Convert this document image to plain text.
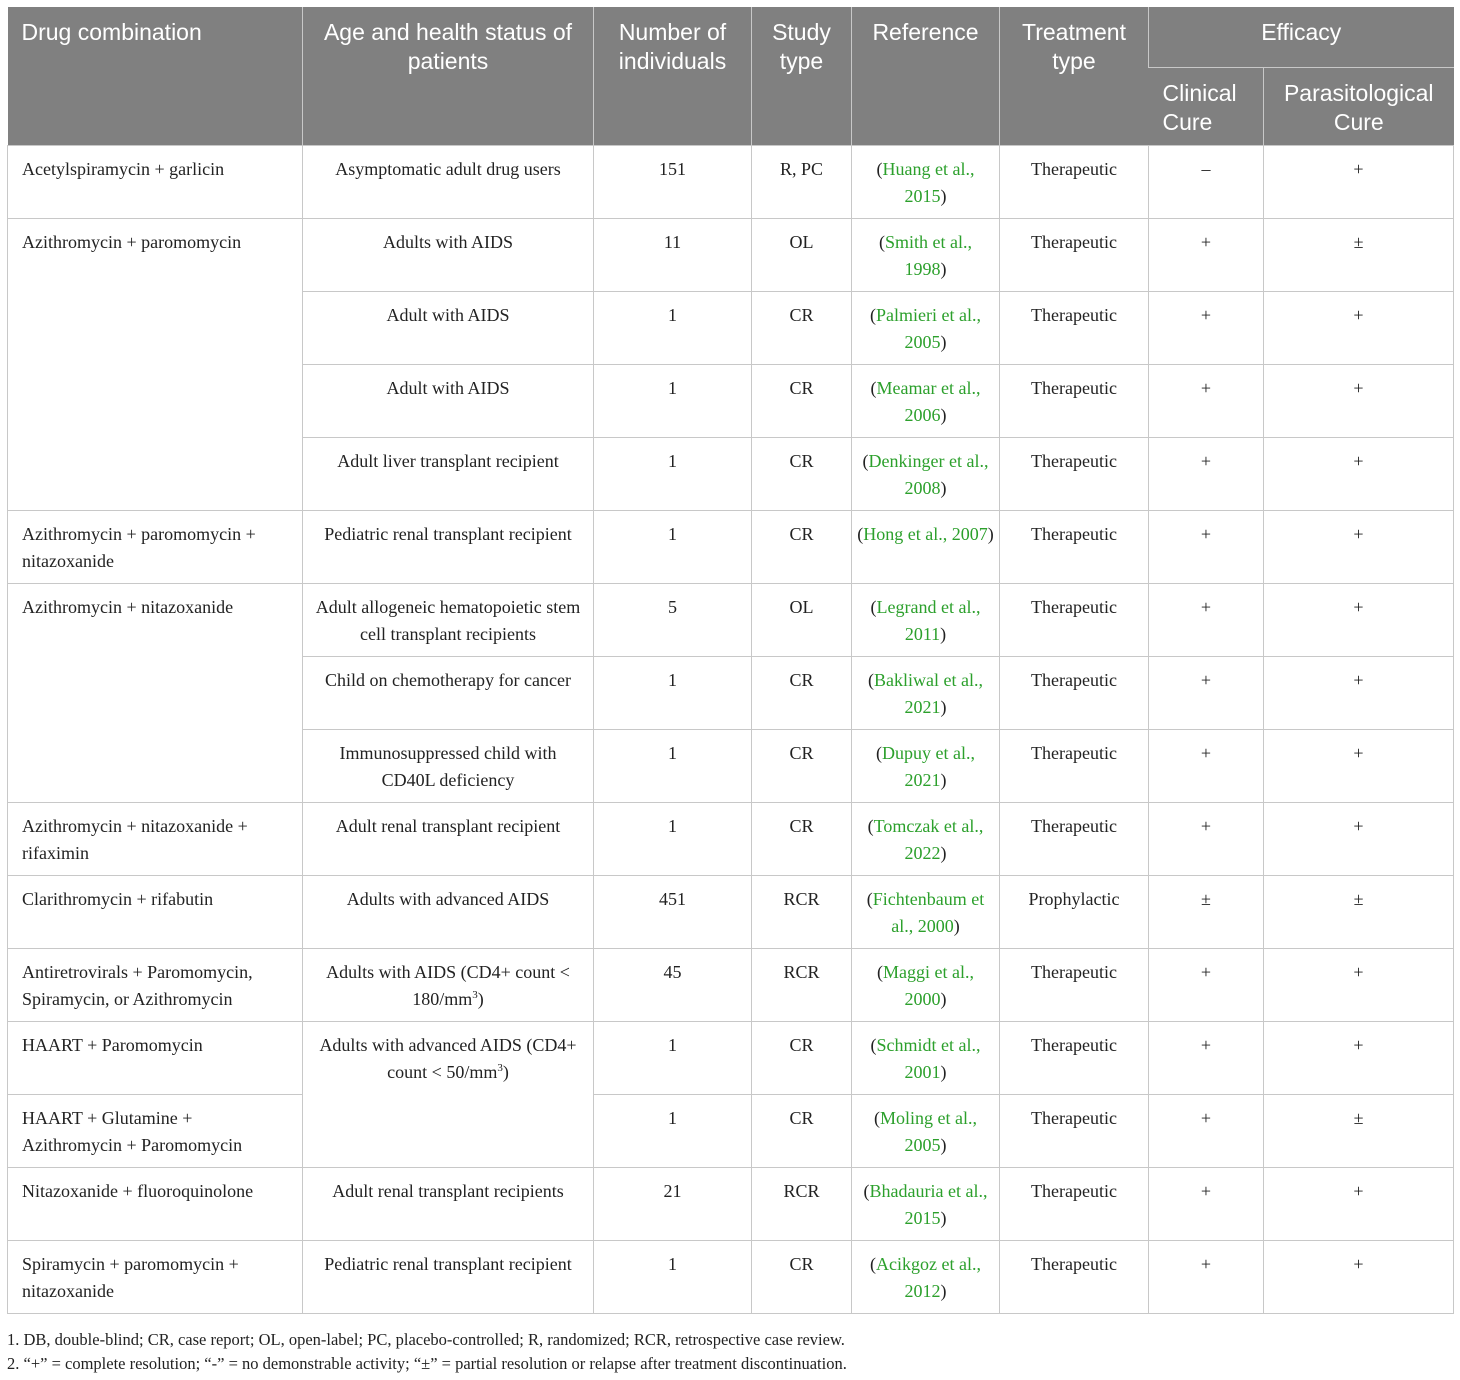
Drug combination	Age and health status of patients	Number of individuals	Study type	Reference	Treatment type	Efficacy	
						Clinical Cure	Parasitological Cure
Acetylspiramycin + garlicin	Asymptomatic adult drug users	151	R, PC	(Huang et al., 2015)	Therapeutic	–	+
Azithromycin + paromomycin	Adults with AIDS	11	OL	(Smith et al., 1998)	Therapeutic	+	±
	Adult with AIDS	1	CR	(Palmieri et al., 2005)	Therapeutic	+	+
	Adult with AIDS	1	CR	(Meamar et al., 2006)	Therapeutic	+	+
	Adult liver transplant recipient	1	CR	(Denkinger et al., 2008)	Therapeutic	+	+
Azithromycin + paromomycin + nitazoxanide	Pediatric renal transplant recipient	1	CR	(Hong et al., 2007)	Therapeutic	+	+
Azithromycin + nitazoxanide	Adult allogeneic hematopoietic stem cell transplant recipients	5	OL	(Legrand et al., 2011)	Therapeutic	+	+
	Child on chemotherapy for cancer	1	CR	(Bakliwal et al., 2021)	Therapeutic	+	+
	Immunosuppressed child with CD40L deficiency	1	CR	(Dupuy et al., 2021)	Therapeutic	+	+
Azithromycin + nitazoxanide + rifaximin	Adult renal transplant recipient	1	CR	(Tomczak et al., 2022)	Therapeutic	+	+
Clarithromycin + rifabutin	Adults with advanced AIDS	451	RCR	(Fichtenbaum et al., 2000)	Prophylactic	±	±
Antiretrovirals + Paromomycin, Spiramycin, or Azithromycin	Adults with AIDS (CD4+ count < $180/mm^3$)	45	RCR	(Maggi et al., 2000)	Therapeutic	+	+
HAART + Paromomycin	Adults with advanced AIDS (CD4+ count < $50/mm^3$)	1	CR	(Schmidt et al., 2001)	Therapeutic	+	+
HAART + Glutamine + Azithromycin + Paromomycin		1	CR	(Moling et al., 2005)	Therapeutic	+	±
Nitazoxanide + fluoroquinolone	Adult renal transplant recipients	21	RCR	(Bhadauria et al., 2015)	Therapeutic	+	+
Spiramycin + paromomycin + nitazoxanide	Pediatric renal transplant recipient	1	CR	(Acikgoz et al., 2012)	Therapeutic	+	+
1. DB, double-blind; CR, case report; OL, open-label; PC, placebo-controlled; R, randomized; RCR, retrospective case review.
2. “+” = complete resolution; “-” = no demonstrable activity; “±” = partial resolution or relapse after treatment discontinuation.
